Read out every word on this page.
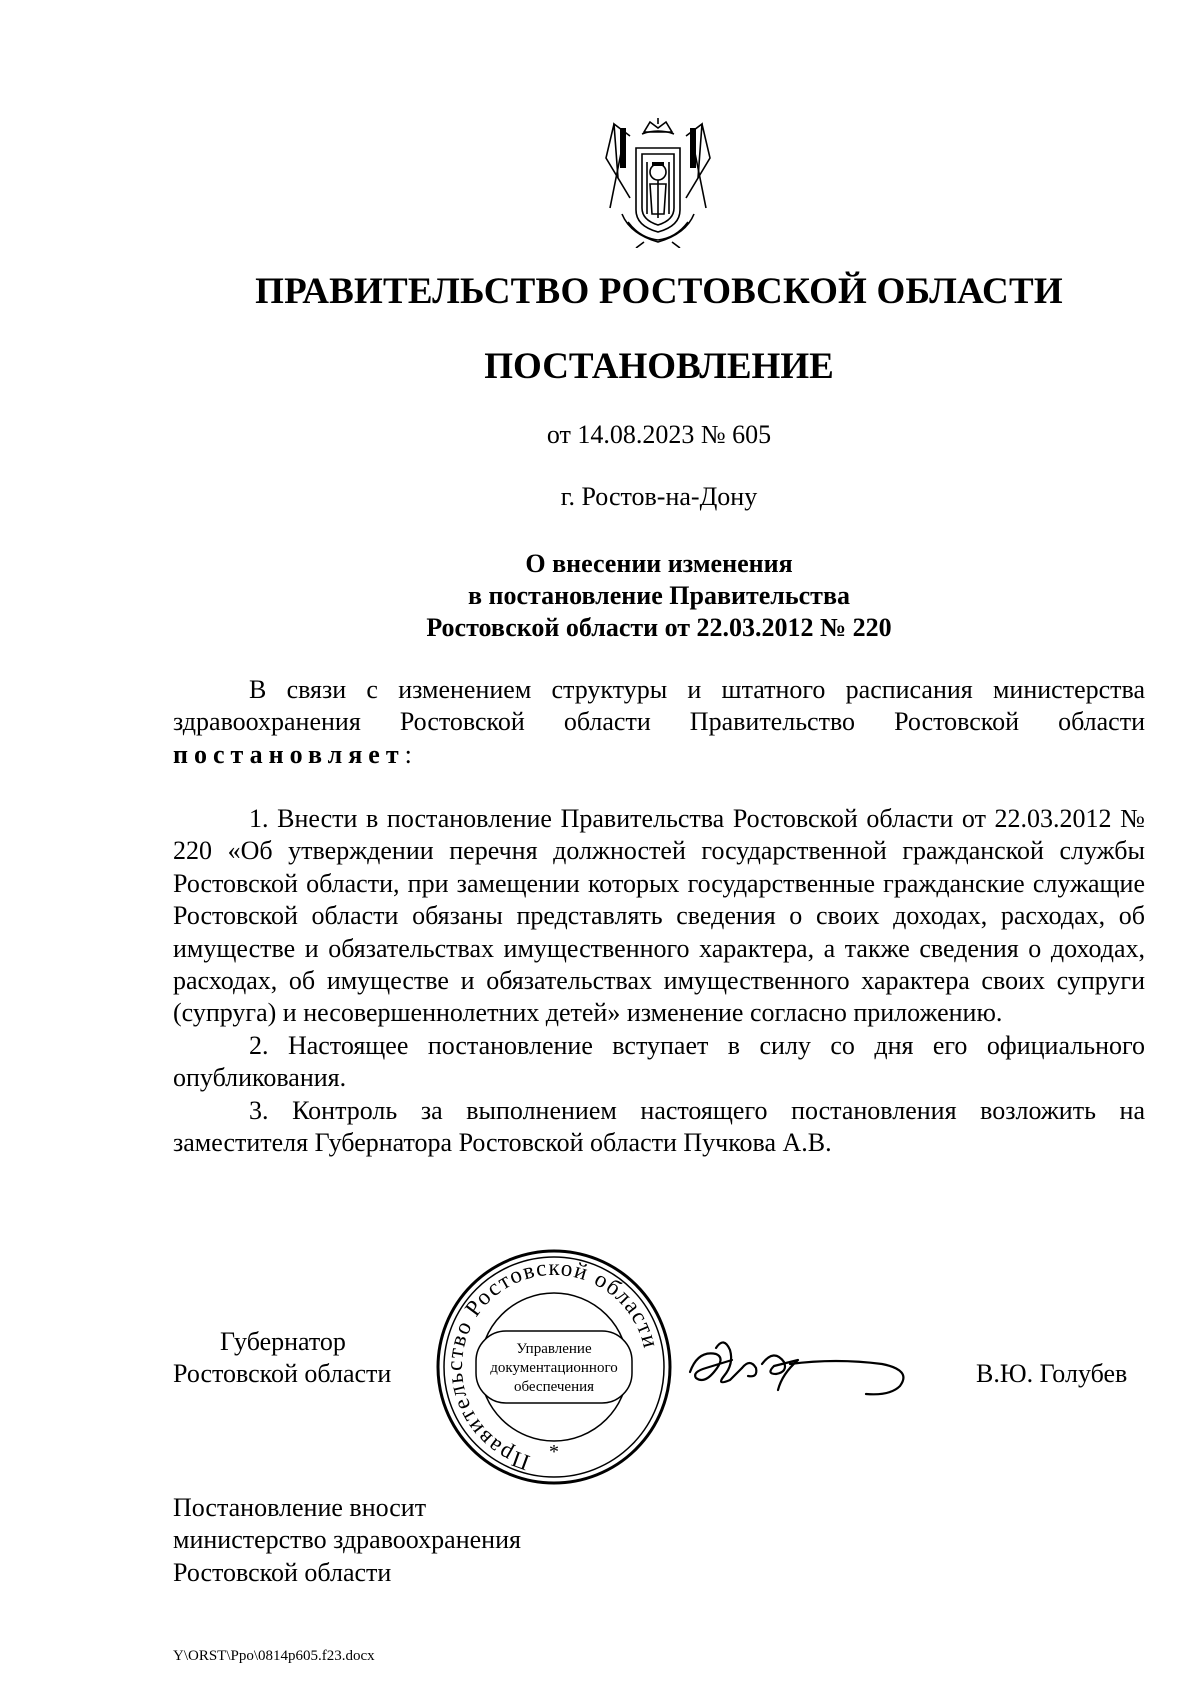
ПРАВИТЕЛЬСТВО РОСТОВСКОЙ ОБЛАСТИ
ПОСТАНОВЛЕНИЕ
от 14.08.2023 № 605
г. Ростов-на-Дону
О внесении изменения
в постановление Правительства
Ростовской области от 22.03.2012 № 220

В связи с изменением структуры и штатного расписания министерства здравоохранения Ростовской области Правительство Ростовской области постановляет:

1. Внести в постановление Правительства Ростовской области от 22.03.2012 № 220 «Об утверждении перечня должностей государственной гражданской службы Ростовской области, при замещении которых государственные гражданские служащие Ростовской области обязаны представлять сведения о своих доходах, расходах, об имуществе и обязательствах имущественного характера, а также сведения о доходах, расходах, об имуществе и обязательствах имущественного характера своих супруги (супруга) и несовершеннолетних детей» изменение согласно приложению.

2. Настоящее постановление вступает в силу со дня его официального опубликования.

3. Контроль за выполнением настоящего постановления возложить на заместителя Губернатора Ростовской области Пучкова А.В.

Губернатор
Ростовской области
Правительство Ростовской области
Управление
документационного
обеспечения
*
В.Ю. Голубев
Постановление вносит
министерство здравоохранения
Ростовской области
Y\ORST\Ppo\0814p605.f23.docx
